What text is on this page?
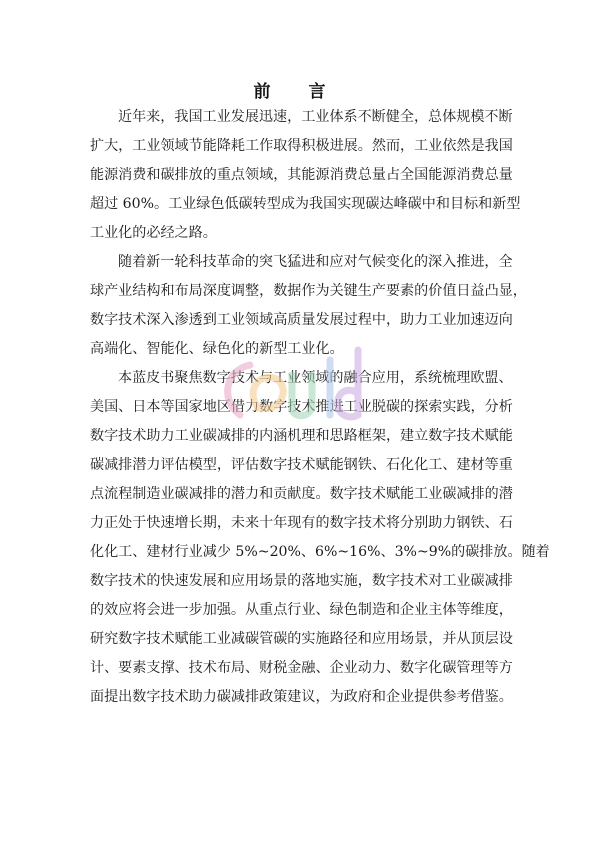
前 言
近年来，我国工业发展迅速，工业体系不断健全，总体规模不断
扩大，工业领域节能降耗工作取得积极进展。然而，工业依然是我国
能源消费和碳排放的重点领域，其能源消费总量占全国能源消费总量
超过 60%。工业绿色低碳转型成为我国实现碳达峰碳中和目标和新型
工业化的必经之路。
随着新一轮科技革命的突飞猛进和应对气候变化的深入推进，全
球产业结构和布局深度调整，数据作为关键生产要素的价值日益凸显，
数字技术深入渗透到工业领域高质量发展过程中，助力工业加速迈向
高端化、智能化、绿色化的新型工业化。
本蓝皮书聚焦数字技术与工业领域的融合应用，系统梳理欧盟、
美国、日本等国家地区借力数字技术推进工业脱碳的探索实践，分析
数字技术助力工业碳减排的内涵机理和思路框架，建立数字技术赋能
碳减排潜力评估模型，评估数字技术赋能钢铁、石化化工、建材等重
点流程制造业碳减排的潜力和贡献度。数字技术赋能工业碳减排的潜
力正处于快速增长期，未来十年现有的数字技术将分别助力钢铁、石
化化工、建材行业减少 5%~20%、6%~16%、3%~9%的碳排放。随着
数字技术的快速发展和应用场景的落地实施，数字技术对工业碳减排
的效应将会进一步加强。从重点行业、绿色制造和企业主体等维度，
研究数字技术赋能工业减碳管碳的实施路径和应用场景，并从顶层设
计、要素支撑、技术布局、财税金融、企业动力、数字化碳管理等方
面提出数字技术助力碳减排政策建议，为政府和企业提供参考借鉴。
